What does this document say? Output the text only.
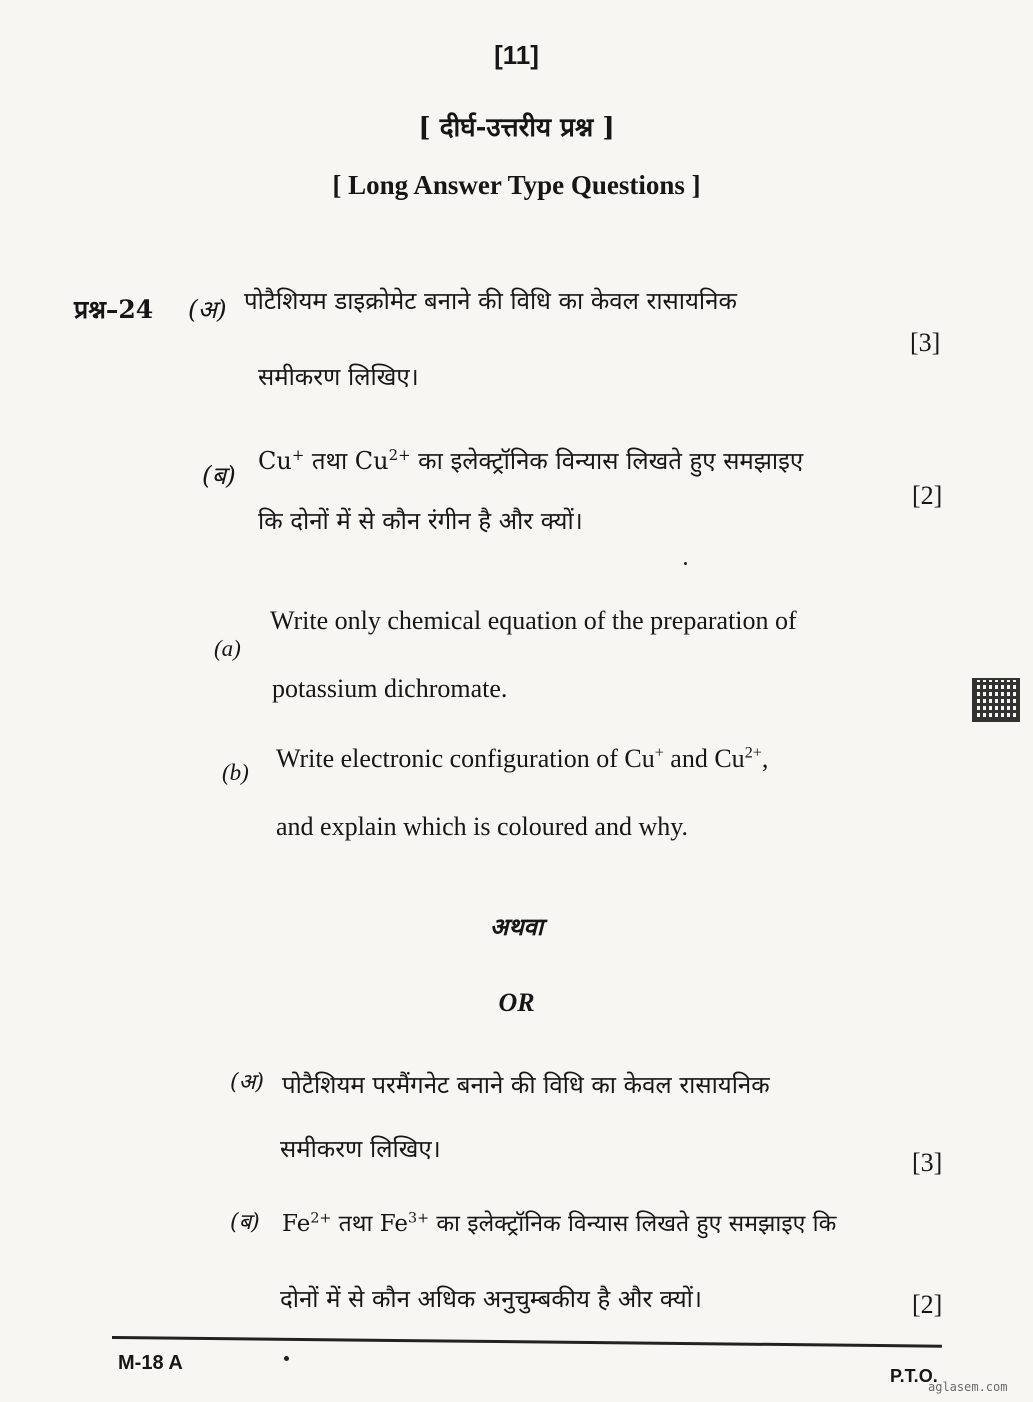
[11]
[ दीर्घ-उत्तरीय प्रश्न ]
[ Long Answer Type Questions ]
प्रश्न–24 (अ) पोटैशियम डाइक्रोमेट बनाने की विधि का केवल रासायनिक
समीकरण लिखिए।
[3]
(ब) Cu+ तथा $Cu^{2+}$ का इलेक्ट्रॉनिक विन्यास लिखते हुए समझाइए
कि दोनों में से कौन रंगीन है और क्यों।
[2]
(a)
Write only chemical equation of the preparation of
potassium dichromate.
(b) Write electronic configuration of Cu+ and $Cu^{2+}$,
and explain which is coloured and why.
अथवा
OR
(अ) पोटैशियम परमैंगनेट बनाने की विधि का केवल रासायनिक
समीकरण लिखिए।	[3]
(ब) $Fe^{2+}$ तथा $Fe^{3+}$ का इलेक्ट्रॉनिक विन्यास लिखते हुए समझाइए कि
दोनों में से कौन अधिक अनुचुम्बकीय है और क्यों।	[2]
M-18 A
P.T.O.
aglasem.com
